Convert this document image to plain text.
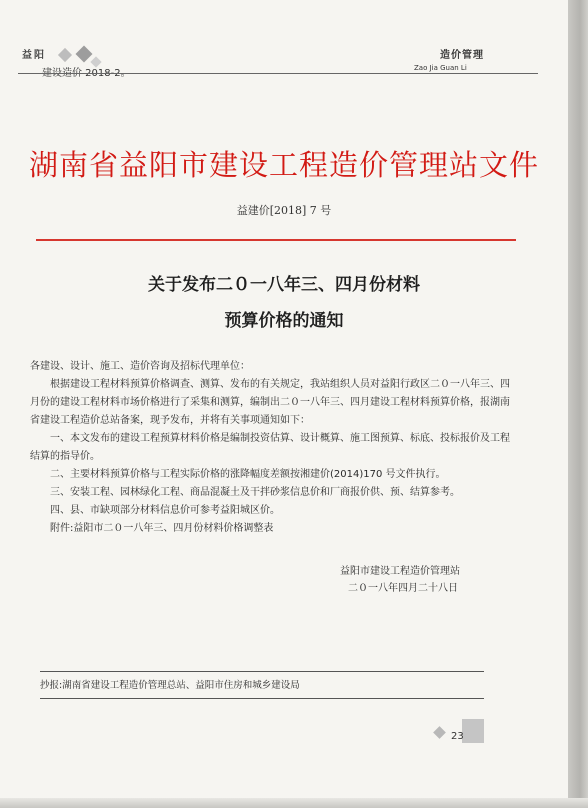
益阳	造价管理
Zao Jia Guan Li
湖南省益阳市建设工程造价管理站文件
益建价[2018] 7 号
关于发布二０一八年三、四月份材料
预算价格的通知

各建设、设计、施工、造价咨询及招标代理单位：

根据建设工程材料预算价格调查、测算、发布的有关规定，我站组织人员对益阳行政区二０一八年三、四月份的建设工程材料市场价格进行了采集和测算，编制出二０一八年三、四月建设工程材料预算价格，报湖南省建设工程造价总站备案，现予发布，并将有关事项通知如下：

一、本文发布的建设工程预算材料价格是编制投资估算、设计概算、施工图预算、标底、投标报价及工程结算的指导价。

二、主要材料预算价格与工程实际价格的涨降幅度差额按湘建价(2014)170 号文件执行。

三、安装工程、园林绿化工程、商品混凝土及干拌砂浆信息价和厂商报价供、预、结算参考。

四、县、市缺项部分材料信息价可参考益阳城区价。

附件:益阳市二０一八年三、四月份材料价格调整表

益阳市建设工程造价管理站
二０一八年四月二十八日
抄报:湖南省建设工程造价管理总站、益阳市住房和城乡建设局
23
